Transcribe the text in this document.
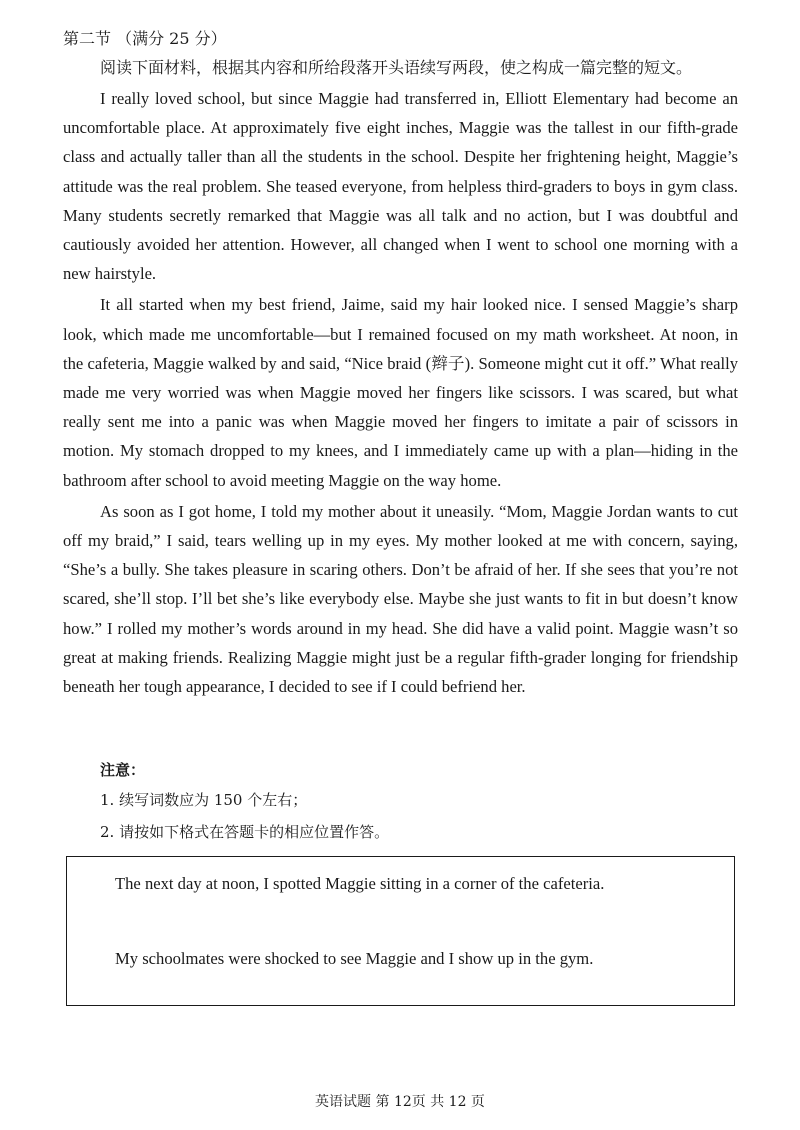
第二节 （满分 25 分）
阅读下面材料，根据其内容和所给段落开头语续写两段，使之构成一篇完整的短文。

I really loved school, but since Maggie had transferred in, Elliott Elementary had become an uncomfortable place. At approximately five eight inches, Maggie was the tallest in our fifth-grade class and actually taller than all the students in the school. Despite her frightening height, Maggie’s attitude was the real problem. She teased everyone, from helpless third-graders to boys in gym class. Many students secretly remarked that Maggie was all talk and no action, but I was doubtful and cautiously avoided her attention. However, all changed when I went to school one morning with a new hairstyle.

It all started when my best friend, Jaime, said my hair looked nice. I sensed Maggie’s sharp look, which made me uncomfortable—but I remained focused on my math worksheet. At noon, in the cafeteria, Maggie walked by and said, “Nice braid (辫子). Someone might cut it off.” What really made me very worried was when Maggie moved her fingers like scissors. I was scared, but what really sent me into a panic was when Maggie moved her fingers to imitate a pair of scissors in motion. My stomach dropped to my knees, and I immediately came up with a plan—hiding in the bathroom after school to avoid meeting Maggie on the way home.

As soon as I got home, I told my mother about it uneasily. “Mom, Maggie Jordan wants to cut off my braid,” I said, tears welling up in my eyes. My mother looked at me with concern, saying, “She’s a bully. She takes pleasure in scaring others. Don’t be afraid of her. If she sees that you’re not scared, she’ll stop. I’ll bet she’s like everybody else. Maybe she just wants to fit in but doesn’t know how.” I rolled my mother’s words around in my head. She did have a valid point. Maggie wasn’t so great at making friends. Realizing Maggie might just be a regular fifth-grader longing for friendship beneath her tough appearance, I decided to see if I could befriend her.

注意：
1. 续写词数应为 150 个左右；
2. 请按如下格式在答题卡的相应位置作答。
The next day at noon, I spotted Maggie sitting in a corner of the cafeteria.
My schoolmates were shocked to see Maggie and I show up in the gym.
英语试题 第 12页 共 12 页
